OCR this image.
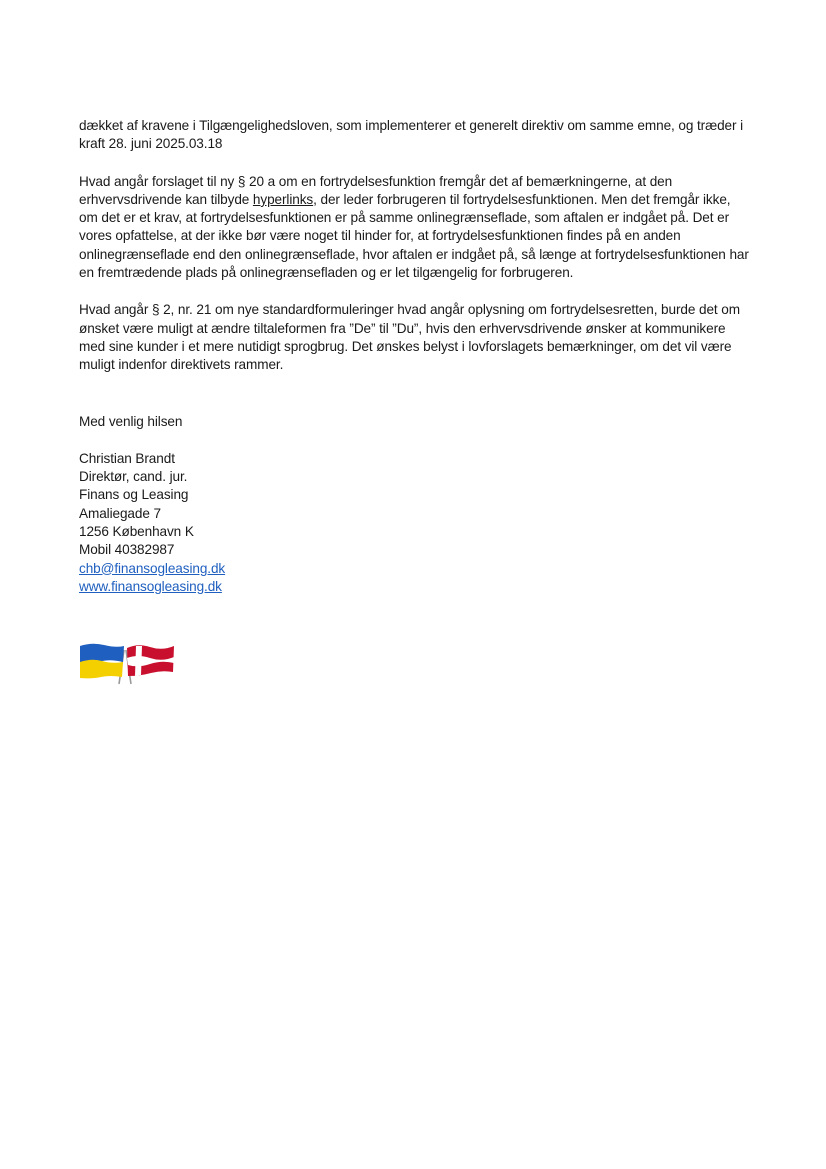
dækket af kravene i Tilgængelighedsloven, som implementerer et generelt direktiv om samme emne, og træder i kraft 28. juni 2025.03.18

Hvad angår forslaget til ny § 20 a om en fortrydelsesfunktion fremgår det af bemærkningerne, at den erhvervsdrivende kan tilbyde hyperlinks, der leder forbrugeren til fortrydelsesfunktionen. Men det fremgår ikke, om det er et krav, at fortrydelsesfunktionen er på samme onlinegrænseflade, som aftalen er indgået på. Det er vores opfattelse, at der ikke bør være noget til hinder for, at fortrydelsesfunktionen findes på en anden onlinegrænseflade end den onlinegrænseflade, hvor aftalen er indgået på, så længe at fortrydelsesfunktionen har en fremtrædende plads på onlinegrænsefladen og er let tilgængelig for forbrugeren.

Hvad angår § 2, nr. 21 om nye standardformuleringer hvad angår oplysning om fortrydelsesretten, burde det om ønsket være muligt at ændre tiltaleformen fra ”De” til ”Du”, hvis den erhvervsdrivende ønsker at kommunikere med sine kunder i et mere nutidigt sprogbrug. Det ønskes belyst i lovforslagets bemærkninger, om det vil være muligt indenfor direktivets rammer.

Med venlig hilsen

Christian Brandt
Direktør, cand. jur.
Finans og Leasing
Amaliegade 7
1256 København K
Mobil 40382987
chb@finansogleasing.dk
www.finansogleasing.dk
